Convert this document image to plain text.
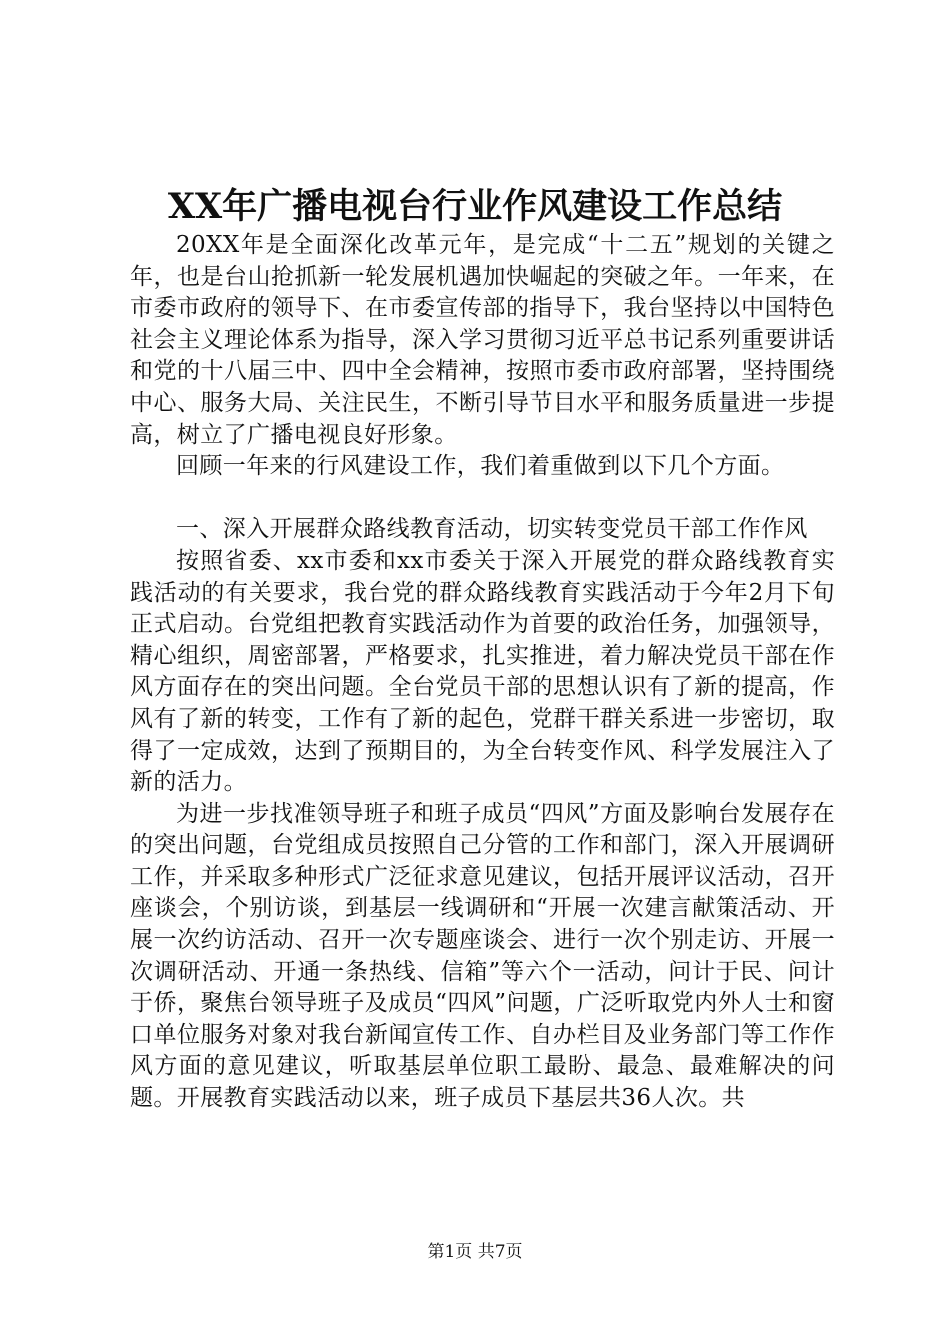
XX年广播电视台行业作风建设工作总结

20XX年是全面深化改革元年，是完成“十二五”规划的关键之年，也是台山抢抓新一轮发展机遇加快崛起的突破之年。一年来，在市委市政府的领导下、在市委宣传部的指导下，我台坚持以中国特色社会主义理论体系为指导，深入学习贯彻习近平总书记系列重要讲话和党的十八届三中、四中全会精神，按照市委市政府部署，坚持围绕中心、服务大局、关注民生，不断引导节目水平和服务质量进一步提高，树立了广播电视良好形象。

回顾一年来的行风建设工作，我们着重做到以下几个方面。

一、深入开展群众路线教育活动，切实转变党员干部工作作风

按照省委、xx市委和xx市委关于深入开展党的群众路线教育实践活动的有关要求，我台党的群众路线教育实践活动于今年2月下旬正式启动。台党组把教育实践活动作为首要的政治任务，加强领导，精心组织，周密部署，严格要求，扎实推进，着力解决党员干部在作风方面存在的突出问题。全台党员干部的思想认识有了新的提高，作风有了新的转变，工作有了新的起色，党群干群关系进一步密切，取得了一定成效，达到了预期目的，为全台转变作风、科学发展注入了新的活力。

为进一步找准领导班子和班子成员“四风”方面及影响台发展存在的突出问题，台党组成员按照自己分管的工作和部门，深入开展调研工作，并采取多种形式广泛征求意见建议，包括开展评议活动，召开座谈会，个别访谈，到基层一线调研和“开展一次建言献策活动、开展一次约访活动、召开一次专题座谈会、进行一次个别走访、开展一次调研活动、开通一条热线、信箱”等六个一活动，问计于民、问计于侨，聚焦台领导班子及成员“四风”问题，广泛听取党内外人士和窗口单位服务对象对我台新闻宣传工作、自办栏目及业务部门等工作作风方面的意见建议，听取基层单位职工最盼、最急、最难解决的问题。开展教育实践活动以来，班子成员下基层共36人次。共

第1页 共7页
